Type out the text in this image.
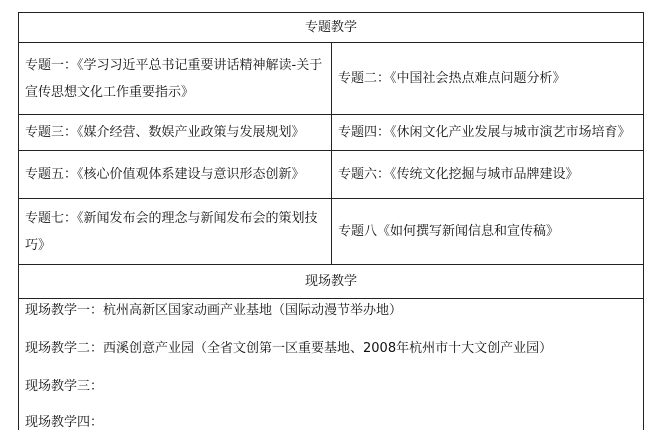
专题教学
专题一：《学习习近平总书记重要讲话精神解读-关于宣传思想文化工作重要指示》
专题二：《中国社会热点难点问题分析》
专题三：《媒介经营、数娱产业政策与发展规划》	专题四：《休闲文化产业发展与城市演艺市场培育》
专题五：《核心价值观体系建设与意识形态创新》	专题六：《传统文化挖掘与城市品牌建设》
专题七：《新闻发布会的理念与新闻发布会的策划技巧》
专题八《如何撰写新闻信息和宣传稿》
现场教学
现场教学一：杭州高新区国家动画产业基地（国际动漫节举办地）
现场教学二：西溪创意产业园（全省文创第一区重要基地、2008年杭州市十大文创产业园）
现场教学三：
现场教学四：
